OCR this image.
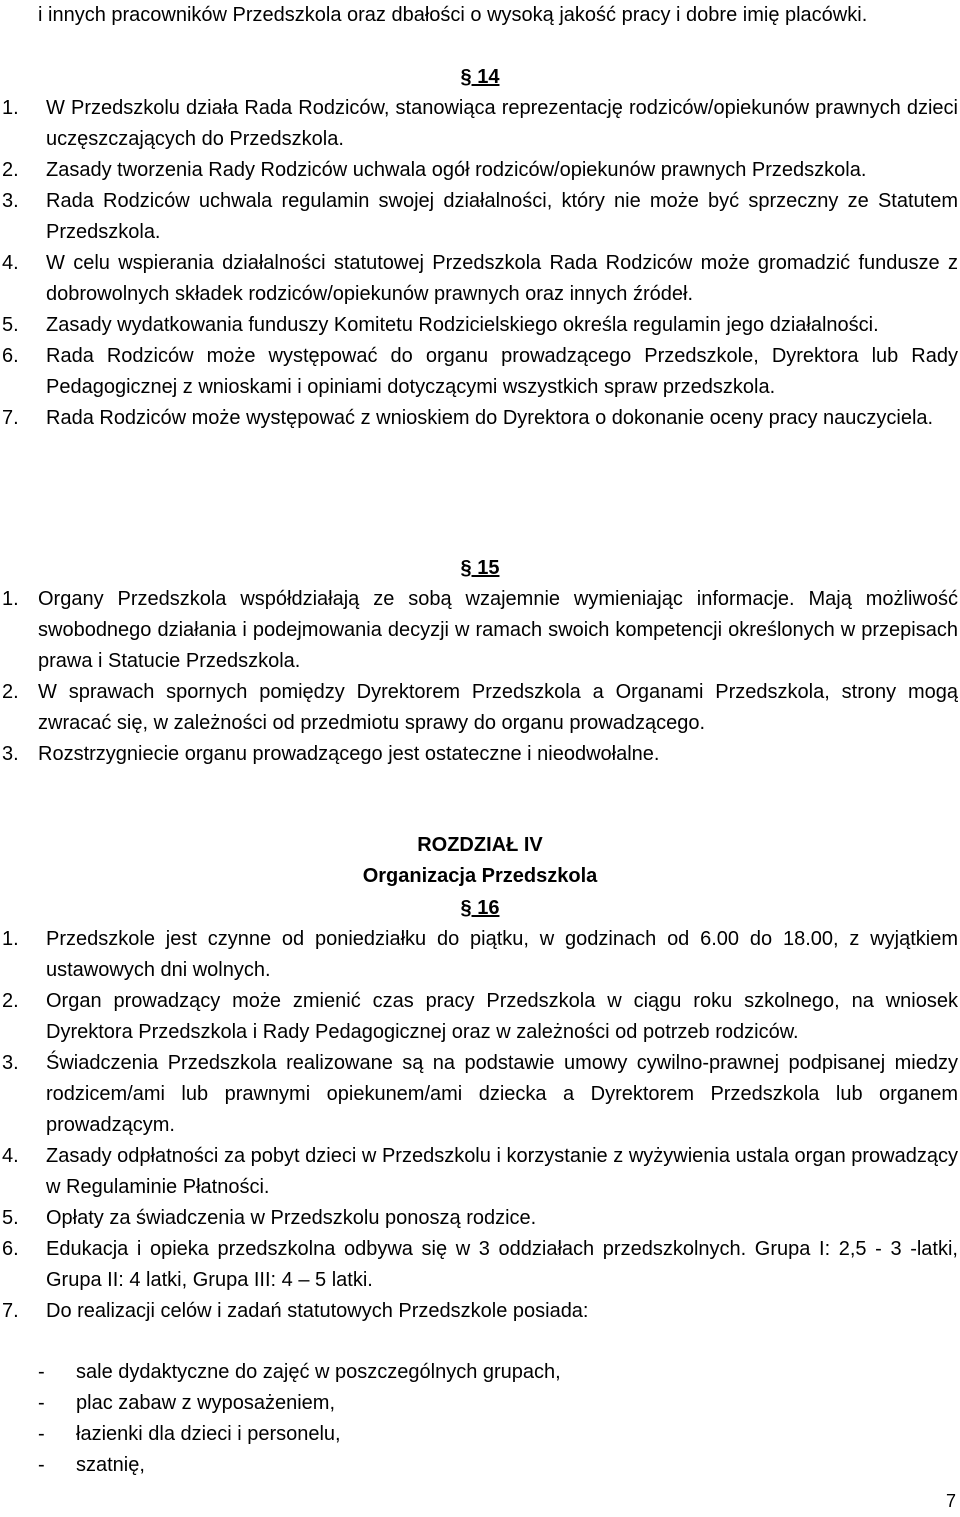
i innych pracowników Przedszkola oraz dbałości o wysoką jakość pracy i dobre imię placówki.
§ 14
1. W Przedszkolu działa Rada Rodziców, stanowiąca reprezentację rodziców/opiekunów prawnych dzieci uczęszczających do Przedszkola.
2. Zasady tworzenia Rady Rodziców uchwala ogół rodziców/opiekunów prawnych Przedszkola.
3. Rada Rodziców uchwala regulamin swojej działalności, który nie może być sprzeczny ze Statutem Przedszkola.
4. W celu wspierania działalności statutowej Przedszkola Rada Rodziców może gromadzić fundusze z dobrowolnych składek rodziców/opiekunów prawnych oraz innych źródeł.
5. Zasady wydatkowania funduszy Komitetu Rodzicielskiego określa regulamin jego działalności.
6. Rada Rodziców może występować do organu prowadzącego Przedszkole, Dyrektora lub Rady Pedagogicznej z wnioskami i opiniami dotyczącymi wszystkich spraw przedszkola.
7. Rada Rodziców może występować z wnioskiem do Dyrektora o dokonanie oceny pracy nauczyciela.
§ 15
1. Organy Przedszkola współdziałają ze sobą wzajemnie wymieniając informacje. Mają możliwość swobodnego działania i podejmowania decyzji w ramach swoich kompetencji określonych w przepisach prawa i Statucie Przedszkola.
2. W sprawach spornych pomiędzy Dyrektorem Przedszkola a Organami Przedszkola, strony mogą zwracać się, w zależności od przedmiotu sprawy do organu prowadzącego.
3. Rozstrzygniecie organu prowadzącego jest ostateczne i nieodwołalne.
ROZDZIAŁ IV
Organizacja Przedszkola
§ 16
1. Przedszkole jest czynne od poniedziałku do piątku, w godzinach od 6.00 do 18.00, z wyjątkiem ustawowych dni wolnych.
2. Organ prowadzący może zmienić czas pracy Przedszkola w ciągu roku szkolnego, na wniosek Dyrektora Przedszkola i Rady Pedagogicznej oraz w zależności od potrzeb rodziców.
3. Świadczenia Przedszkola realizowane są na podstawie umowy cywilno-prawnej podpisanej miedzy rodzicem/ami lub prawnymi opiekunem/ami dziecka a Dyrektorem Przedszkola lub organem prowadzącym.
4. Zasady odpłatności za pobyt dzieci w Przedszkolu i korzystanie z wyżywienia ustala organ prowadzący w Regulaminie Płatności.
5. Opłaty za świadczenia w Przedszkolu ponoszą rodzice.
6. Edukacja i opieka przedszkolna odbywa się w 3 oddziałach przedszkolnych. Grupa I: 2,5 - 3 -latki, Grupa II: 4 latki, Grupa III: 4 – 5 latki.
7. Do realizacji celów i zadań statutowych Przedszkole posiada:
- sale dydaktyczne do zajęć w poszczególnych grupach,
- plac zabaw z wyposażeniem,
- łazienki dla dzieci i personelu,
- szatnię,
7
